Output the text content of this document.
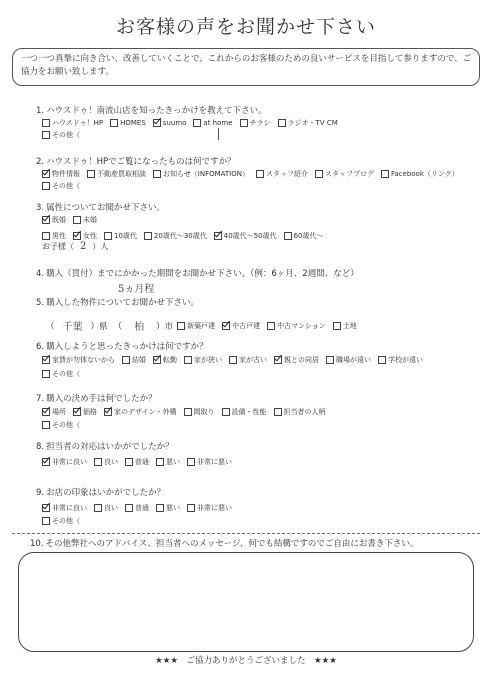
お客様の声をお聞かせ下さい
一つ一つ真摯に向き合い、改善していくことで、これからのお客様のための良いサービスを目指して参りますので、ご協力をお願い致します。
1. ハウスドゥ！南流山店を知ったきっかけを教えて下さい。
ハウスドゥ！HP HOMES suumo at home チラシ ラジオ・TV CM
その他（
2. ハウスドゥ！HPでご覧になったものは何ですか？
物件情報 不動産買取相談 お知らせ（INFOMATION） スタッフ紹介 スタッフブログ Facebook（リンク）
その他（
3. 属性についてお聞かせ下さい。
既婚 未婚
男性 女性 10歳代 20歳代～30歳代 40歳代～50歳代 60歳代～
お子様（ 2 ）人
4. 購入（買付）までにかかった期間をお聞かせ下さい。（例：6ヶ月、2週間、など）
5ヵ月程
5. 購入した物件についてお聞かせ下さい。
（ 千葉 ） 県 （ 柏 ） 市 新築戸建 中古戸建 中古マンション 土地
6. 購入しようと思ったきっかけは何ですか？
家賃が勿体ないから 結婚 転勤 家が狭い 家が古い 親との同居 職場が遠い 学校が遠い
その他（
7. 購入の決め手は何でしたか？
場所 価格 家のデザイン・外構 間取り 設備・性能 担当者の人柄
その他（
8. 担当者の対応はいかがでしたか？
非常に良い 良い 普通 悪い 非常に悪い
9. お店の印象はいかがでしたか？
非常に良い 良い 普通 悪い 非常に悪い
その他（
10. その他弊社へのアドバイス、担当者へのメッセージ、何でも結構ですのでご自由にお書き下さい。
★★★　ご協力ありがとうございました　★★★
